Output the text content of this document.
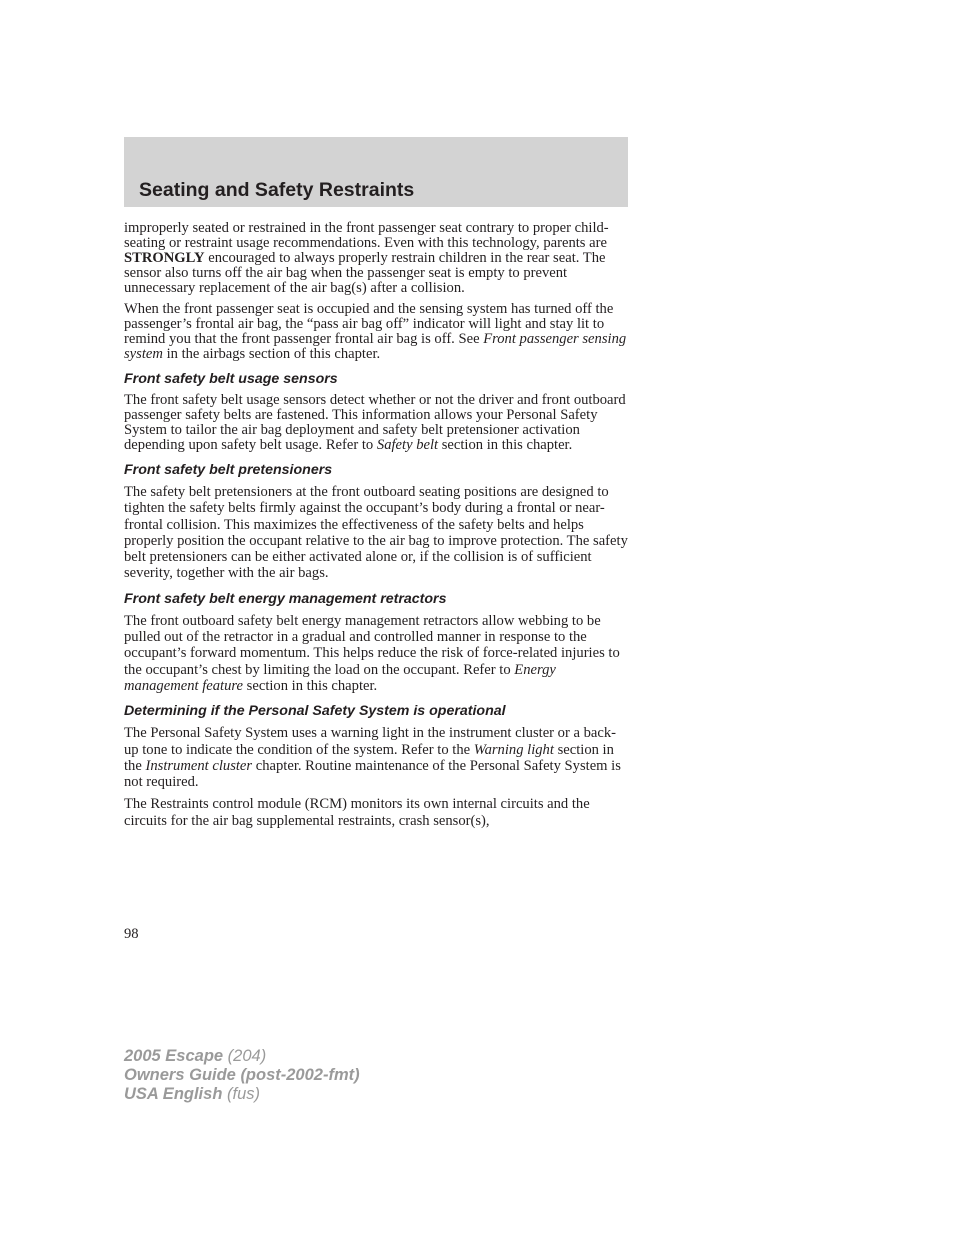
Seating and Safety Restraints

improperly seated or restrained in the front passenger seat contrary to proper child-seating or restraint usage recommendations. Even with this technology, parents are STRONGLY encouraged to always properly restrain children in the rear seat. The sensor also turns off the air bag when the passenger seat is empty to prevent unnecessary replacement of the air bag(s) after a collision.

When the front passenger seat is occupied and the sensing system has turned off the passenger’s frontal air bag, the “pass air bag off” indicator will light and stay lit to remind you that the front passenger frontal air bag is off. See Front passenger sensing system in the airbags section of this chapter.

Front safety belt usage sensors

The front safety belt usage sensors detect whether or not the driver and front outboard passenger safety belts are fastened. This information allows your Personal Safety System to tailor the air bag deployment and safety belt pretensioner activation depending upon safety belt usage. Refer to Safety belt section in this chapter.

Front safety belt pretensioners

The safety belt pretensioners at the front outboard seating positions are designed to tighten the safety belts firmly against the occupant’s body during a frontal or near-frontal collision. This maximizes the effectiveness of the safety belts and helps properly position the occupant relative to the air bag to improve protection. The safety belt pretensioners can be either activated alone or, if the collision is of sufficient severity, together with the air bags.

Front safety belt energy management retractors

The front outboard safety belt energy management retractors allow webbing to be pulled out of the retractor in a gradual and controlled manner in response to the occupant’s forward momentum. This helps reduce the risk of force-related injuries to the occupant’s chest by limiting the load on the occupant. Refer to Energy management feature section in this chapter.

Determining if the Personal Safety System is operational

The Personal Safety System uses a warning light in the instrument cluster or a back-up tone to indicate the condition of the system. Refer to the Warning light section in the Instrument cluster chapter. Routine maintenance of the Personal Safety System is not required.

The Restraints control module (RCM) monitors its own internal circuits and the circuits for the air bag supplemental restraints, crash sensor(s),

98
2005 Escape (204)
Owners Guide (post-2002-fmt)
USA English (fus)
